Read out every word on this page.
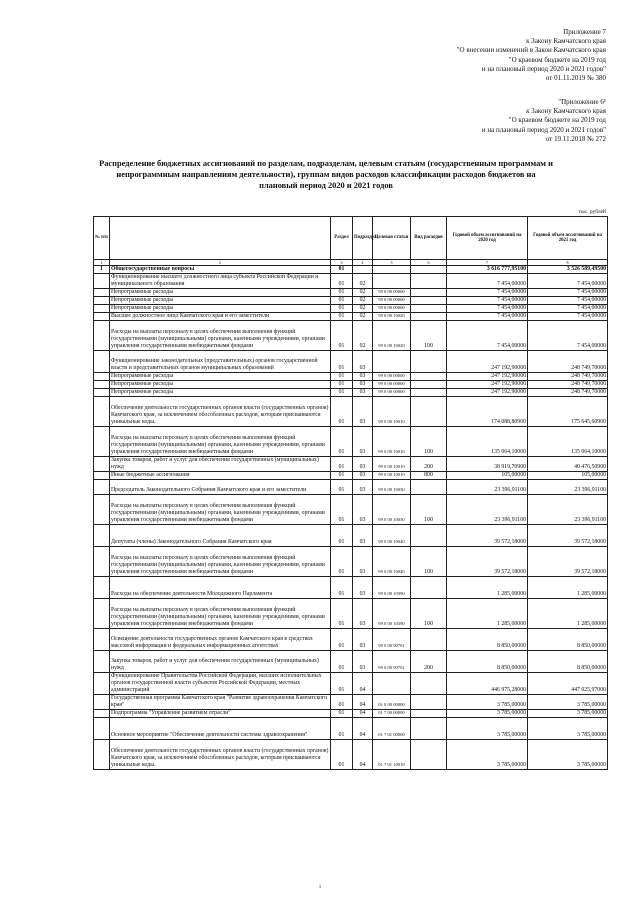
Приложение 7
к Закону Камчатского края
"О внесении изменений в Закон Камчатского края
"О краевом бюджете на 2019 год
и на плановый период 2020 и 2021 годов"
от 01.11.2019 № 380
"Приложение 6¹
к Закону Камчатского края
"О краевом бюджете на 2019 год
и на плановый период 2020 и 2021 годов"
от 19.11.2018 № 272
Распределение бюджетных ассигнований по разделам, подразделам, целевым статьям (государственным программам и непрограммным направлениям деятельности), группам видов расходов классификации расходов бюджетов на плановый период 2020 и 2021 годов
тыс. рублей
№ п/п		Раздел	Подраздел	Целевая статья	Вид расходов	Годовой объем ассигнований на 2020 год	Годовой объем ассигнований на 2021 год
1	2	3	4	5	6	7	8
1	Общегосударственные вопросы	01				3 616 777,95100	3 526 589,49500
	Функционирование высшего должностного лица субъекта Российской Федерации и муниципального образования	01	02			7 454,00000	7 454,00000
	Непрограммные расходы	01	02	99 0 00 00000		7 454,00000	7 454,00000
	Непрограммные расходы	01	02	99 0 00 00000		7 454,00000	7 454,00000
	Непрограммные расходы	01	02	99 0 00 00000		7 454,00000	7 454,00000
	Высшее должностное лицо Камчатского края и его заместители	01	02	99 0 00 10020		7 454,00000	7 454,00000
	Расходы на выплаты персоналу в целях обеспечения выполнения функций государственными (муниципальными) органами, казенными учреждениями, органами управления государственными внебюджетными фондами	01	02	99 0 00 10020	100	7 454,00000	7 454,00000
	Функционирование законодательных (представительных) органов государственной власти и представительных органов муниципальных образований	01	03			247 192,90000	248 749,70000
	Непрограммные расходы	01	03	99 0 00 00000		247 192,90000	248 749,70000
	Непрограммные расходы	01	03	99 0 00 00000		247 192,90000	248 749,70000
	Непрограммные расходы	01	03	99 0 00 00000		247 192,90000	248 749,70000
	Обеспечение деятельности государственных органов власти (государственных органов) Камчатского края, за исключением обособленных расходов, которым присваиваются уникальные коды.	01	03	99 0 00 10010		174 088,80900	175 645,60900
	Расходы на выплаты персоналу в целях обеспечения выполнения функций государственными (муниципальными) органами, казенными учреждениями, органами управления государственными внебюджетными фондами	01	03	99 0 00 10010	100	135 064,10000	135 064,10000
	Закупка товаров, работ и услуг для обеспечения государственных (муниципальных) нужд	01	03	99 0 00 10010	200	38 919,70900	40 476,50900
	Иные бюджетные ассигнования	01	03	99 0 00 10010	800	105,00000	105,00000
	Председатель Законодательного Собрания Камчатского края и его заместители	01	03	99 0 00 10030		23 396,91100	23 396,91100
	Расходы на выплаты персоналу в целях обеспечения выполнения функций государственными (муниципальными) органами, казенными учреждениями, органами управления государственными внебюджетными фондами	01	03	99 0 00 10030	100	23 396,91100	23 396,91100
	Депутаты (члены) Законодательного Собрания Камчатского края	01	03	99 0 00 10040		39 572,18000	39 572,18000
	Расходы на выплаты персоналу в целях обеспечения выполнения функций государственными (муниципальными) органами, казенными учреждениями, органами управления государственными внебюджетными фондами	01	03	99 0 00 10040	100	39 572,18000	39 572,18000
	Расходы на обеспечение деятельности Молодежного Парламента	01	03	99 0 00 10390		1 285,00000	1 285,00000
	Расходы на выплаты персоналу в целях обеспечения выполнения функций государственными (муниципальными) органами, казенными учреждениями, органами управления государственными внебюджетными фондами	01	03	99 0 00 10390	100	1 285,00000	1 285,00000
	Освещение деятельности государственных органов Камчатского края в средствах массовой информации и федеральных информационных агентствах	01	03	99 0 00 90701		8 850,00000	8 850,00000
	Закупка товаров, работ и услуг для обеспечения государственных (муниципальных) нужд	01	03	99 0 00 90701	200	8 850,00000	8 850,00000
	Функционирование Правительства Российской Федерации, высших исполнительных органов государственной власти субъектов Российской Федерации, местных администраций	01	04			446 975,28000	447 025,97000
	Государственная программа Камчатского края "Развитие здравоохранения Камчатского края"	01	04	01 0 00 00000		3 785,00000	3 785,00000
	Подпрограмма "Управление развитием отрасли"	01	04	01 7 00 00000		3 785,00000	3 785,00000
	Основное мероприятие "Обеспечение деятельности системы здравоохранения"	01	04	01 7 01 00000		3 785,00000	3 785,00000
	Обеспечение деятельности государственных органов власти (государственных органов) Камчатского края, за исключением обособленных расходов, которым присваиваются уникальные коды.	01	04	01 7 01 10010		3 785,00000	3 785,00000
1
